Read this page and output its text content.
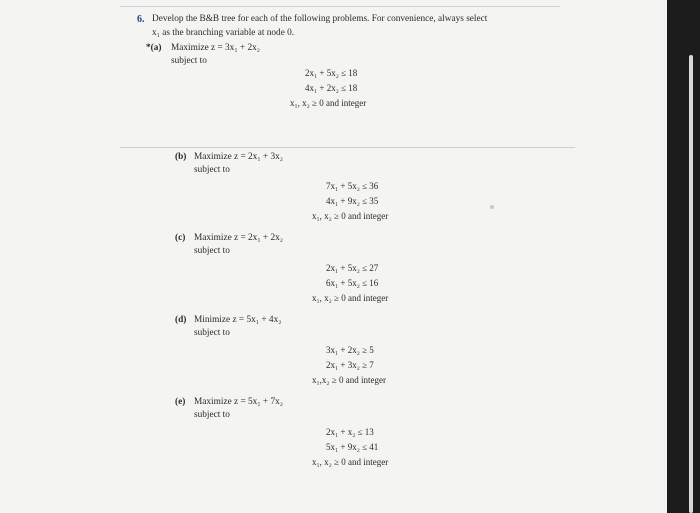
6. Develop the B&B tree for each of the following problems. For convenience, always select
x₁ as the branching variable at node 0.
*(a) Maximize z = 3x₁ + 2x₂
subject to
2x₁ + 5x₂ ≤ 18
4x₁ + 2x₂ ≤ 18
x₁, x₂ ≥ 0 and integer
(b) Maximize z = 2x₁ + 3x₂
subject to
7x₁ + 5x₂ ≤ 36
4x₁ + 9x₂ ≤ 35
x₁, x₂ ≥ 0 and integer
(c) Maximize z = 2x₁ + 2x₂
subject to
2x₁ + 5x₂ ≤ 27
6x₁ + 5x₂ ≤ 16
x₁, x₂ ≥ 0 and integer
(d) Minimize z = 5x₁ + 4x₂
subject to
3x₁ + 2x₂ ≥ 5
2x₁ + 3x₂ ≥ 7
x₁,x₂ ≥ 0 and integer
(e) Maximize z = 5x₁ + 7x₂
subject to
2x₁ + x₂ ≤ 13
5x₁ + 9x₂ ≤ 41
x₁, x₂ ≥ 0 and integer
